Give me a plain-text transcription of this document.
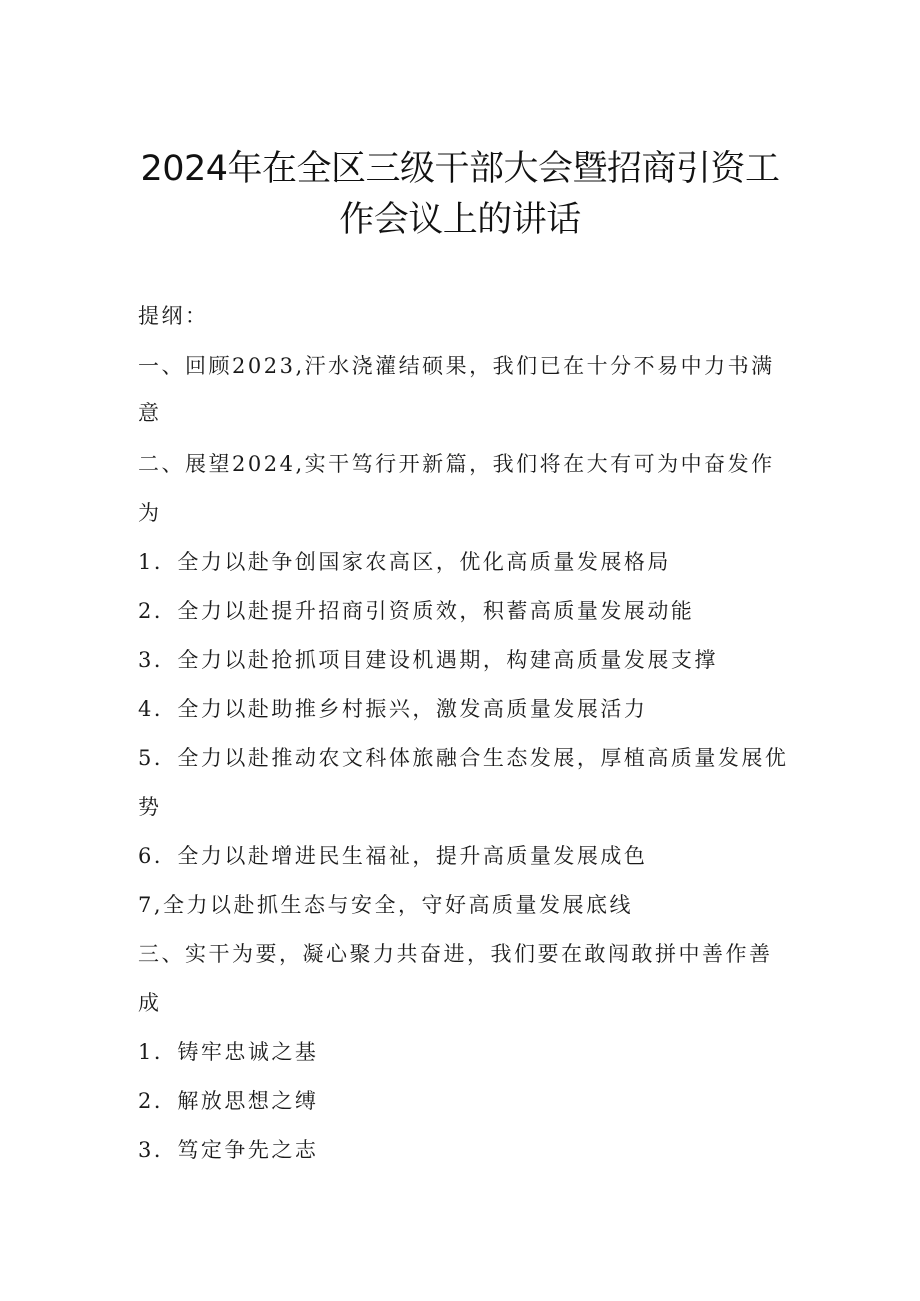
2024年在全区三级干部大会暨招商引资工
作会议上的讲话
提纲：
一、回顾2023,汗水浇灌结硕果，我们已在十分不易中力书满
意
二、展望2024,实干笃行开新篇，我们将在大有可为中奋发作
为
1．全力以赴争创国家农高区，优化高质量发展格局
2．全力以赴提升招商引资质效，积蓄高质量发展动能
3．全力以赴抢抓项目建设机遇期，构建高质量发展支撑
4．全力以赴助推乡村振兴，激发高质量发展活力
5．全力以赴推动农文科体旅融合生态发展，厚植高质量发展优
势
6．全力以赴增进民生福祉，提升高质量发展成色
7,全力以赴抓生态与安全，守好高质量发展底线
三、实干为要，凝心聚力共奋进，我们要在敢闯敢拼中善作善
成
1．铸牢忠诚之基
2．解放思想之缚
3．笃定争先之志
